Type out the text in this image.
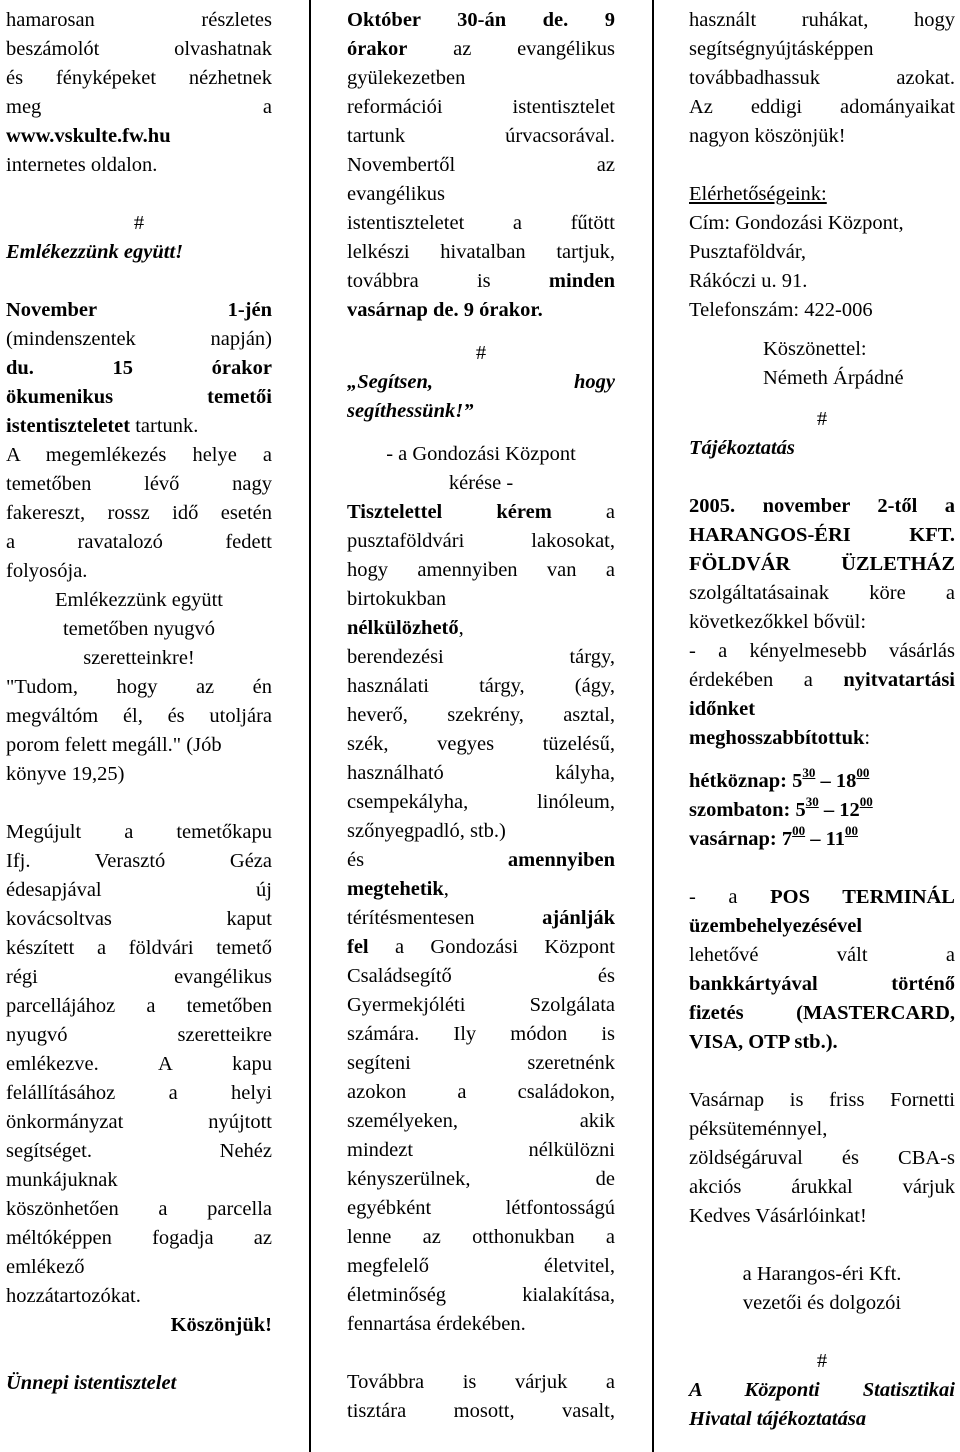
hamarosan részletes

beszámolót olvashatnak

és fényképeket nézhetnek

meg a

www.vskulte.fw.hu

internetes oldalon.

#

Emlékezzünk együtt!

November 1-jén

(mindenszentek napján)

du. 15 órakor

ökumenikus temetői

istentiszteletet tartunk.

A megemlékezés helye a

temetőben lévő nagy

fakereszt, rossz idő esetén

a ravatalozó fedett

folyosója.

Emlékezzünk együtt

temetőben nyugvó

szeretteinkre!

"Tudom, hogy az én

megváltóm él, és utoljára

porom felett megáll." (Jób

könyve 19,25)

Megújult a temetőkapu

Ifj. Verasztó Géza

édesapjával új

kovácsoltvas kaput

készített a földvári temető

régi evangélikus

parcellájához a temetőben

nyugvó szeretteikre

emlékezve. A kapu

felállításához a helyi

önkormányzat nyújtott

segítséget. Nehéz

munkájuknak

köszönhetően a parcella

méltóképpen fogadja az

emlékező

hozzátartozókat.

Köszönjük!

Ünnepi istentisztelet

Október 30-án de. 9

órakor az evangélikus

gyülekezetben

reformációi istentisztelet

tartunk úrvacsorával.

Novembertől az

evangélikus

istentiszteletet a fűtött

lelkészi hivatalban tartjuk,

továbbra is minden

vasárnap de. 9 órakor.

#

„Segítsen,	hogy

segíthessünk!”

- a Gondozási Központ

kérése -

Tisztelettel kérem a

pusztaföldvári lakosokat,

hogy amennyiben van a

birtokukban

nélkülözhető,

berendezési tárgy,

használati tárgy, (ágy,

heverő, szekrény, asztal,

szék, vegyes tüzelésű,

használható kályha,

csempekályha, linóleum,

szőnyegpadló, stb.)

és amennyiben

megtehetik,

térítésmentesen ajánlják

fel a Gondozási Központ

Családsegítő és

Gyermekjóléti Szolgálata

számára. Ily módon is

segíteni szeretnénk

azokon a családokon,

személyeken, akik

mindezt nélkülözni

kényszerülnek, de

egyébként létfontosságú

lenne az otthonukban a

megfelelő életvitel,

életminőség kialakítása,

fennartása érdekében.

Továbbra is várjuk a

tisztára mosott, vasalt,

használt ruhákat, hogy

segítségnyújtásképpen

továbbadhassuk azokat.

Az eddigi adományaikat

nagyon köszönjük!

Elérhetőségeink:

Cím: Gondozási Központ,

Pusztaföldvár,

Rákóczi u. 91.

Telefonszám: 422-006

Köszönettel:

Németh Árpádné

#

Tájékoztatás

2005. november 2-től a

HARANGOS-ÉRI KFT.

FÖLDVÁR ÜZLETHÁZ

szolgáltatásainak köre a

következőkkel bővül:

- a kényelmesebb vásárlás

érdekében a nyitvatartási

időnket

meghosszabbítottuk:

hétköznap: $5^{30} - 18^{00}$

szombaton: $5^{30} - 12^{00}$

vasárnap: $7^{00} - 11^{00}$

- a POS TERMINÁL

üzembehelyezésével

lehetővé vált a

bankkártyával történő

fizetés (MASTERCARD,

VISA, OTP stb.).

Vasárnap is friss Fornetti

péksüteménnyel,

zöldségáruval és CBA-s

akciós árukkal várjuk

Kedves Vásárlóinkat!

a Harangos-éri Kft.

vezetői és dolgozói

#

A Központi Statisztikai

Hivatal tájékoztatása
